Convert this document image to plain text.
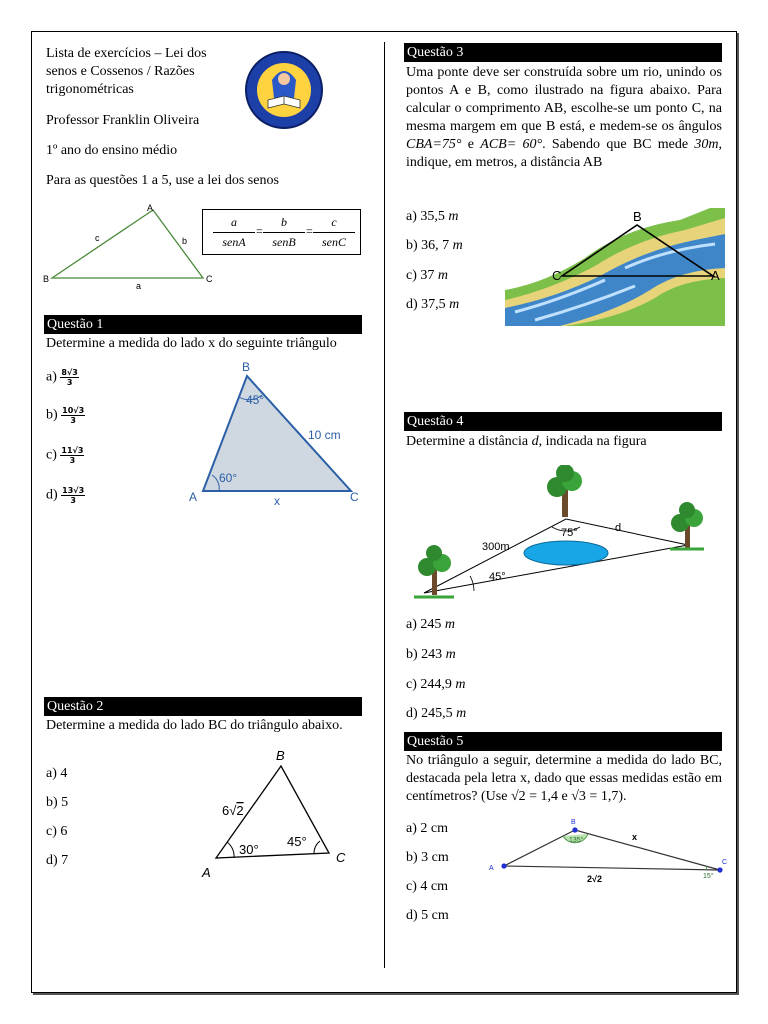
Lista de exercícios – Lei dos
senos e Cossenos / Razões
trigonométricas
Professor Franklin Oliveira
1º ano do ensino médio
Para as questões 1 a 5, use a lei dos senos
A
B	C
c	b
a
a
senA
=
b
senB
=
c
senC
Questão 1
Determine a medida do lado x do seguinte triângulo
$a) \frac{8√3}{3}$
$b) \frac{10√3}{3}$
$c) \frac{11√3}{3}$
$d) \frac{13√3}{3}$
B
A	C
45°
60°
10 cm
x
Questão 2
Determine a medida do lado BC do triângulo abaixo.
a) 4
b) 5
c) 6
d) 7
B
A
C
6√2
30°
45°
Questão 3
Uma ponte deve ser construída sobre um rio, unindo os pontos A e B, como ilustrado na figura abaixo. Para calcular o comprimento AB, escolhe-se um ponto C, na mesma margem em que B está, e medem-se os ângulos CBA=75° e ACB= 60°. Sabendo que BC mede 30m, indique, em metros, a distância AB
a) 35,5 m
b) 36, 7 m
c) 37 m
d) 37,5 m
B
C	A
Questão 4
Determine a distância d, indicada na figura
300m
75°
45°
d
a) 245 m
b) 243 m
c) 244,9 m
d) 245,5 m
Questão 5
No triângulo a seguir, determine a medida do lado BC, destacada pela letra x, dado que essas medidas estão em centímetros? (Use √2 = 1,4 e √3 = 1,7).
a) 2 cm
b) 3 cm
c) 4 cm
d) 5 cm
A
B
C
135°
15°
x
2√2
